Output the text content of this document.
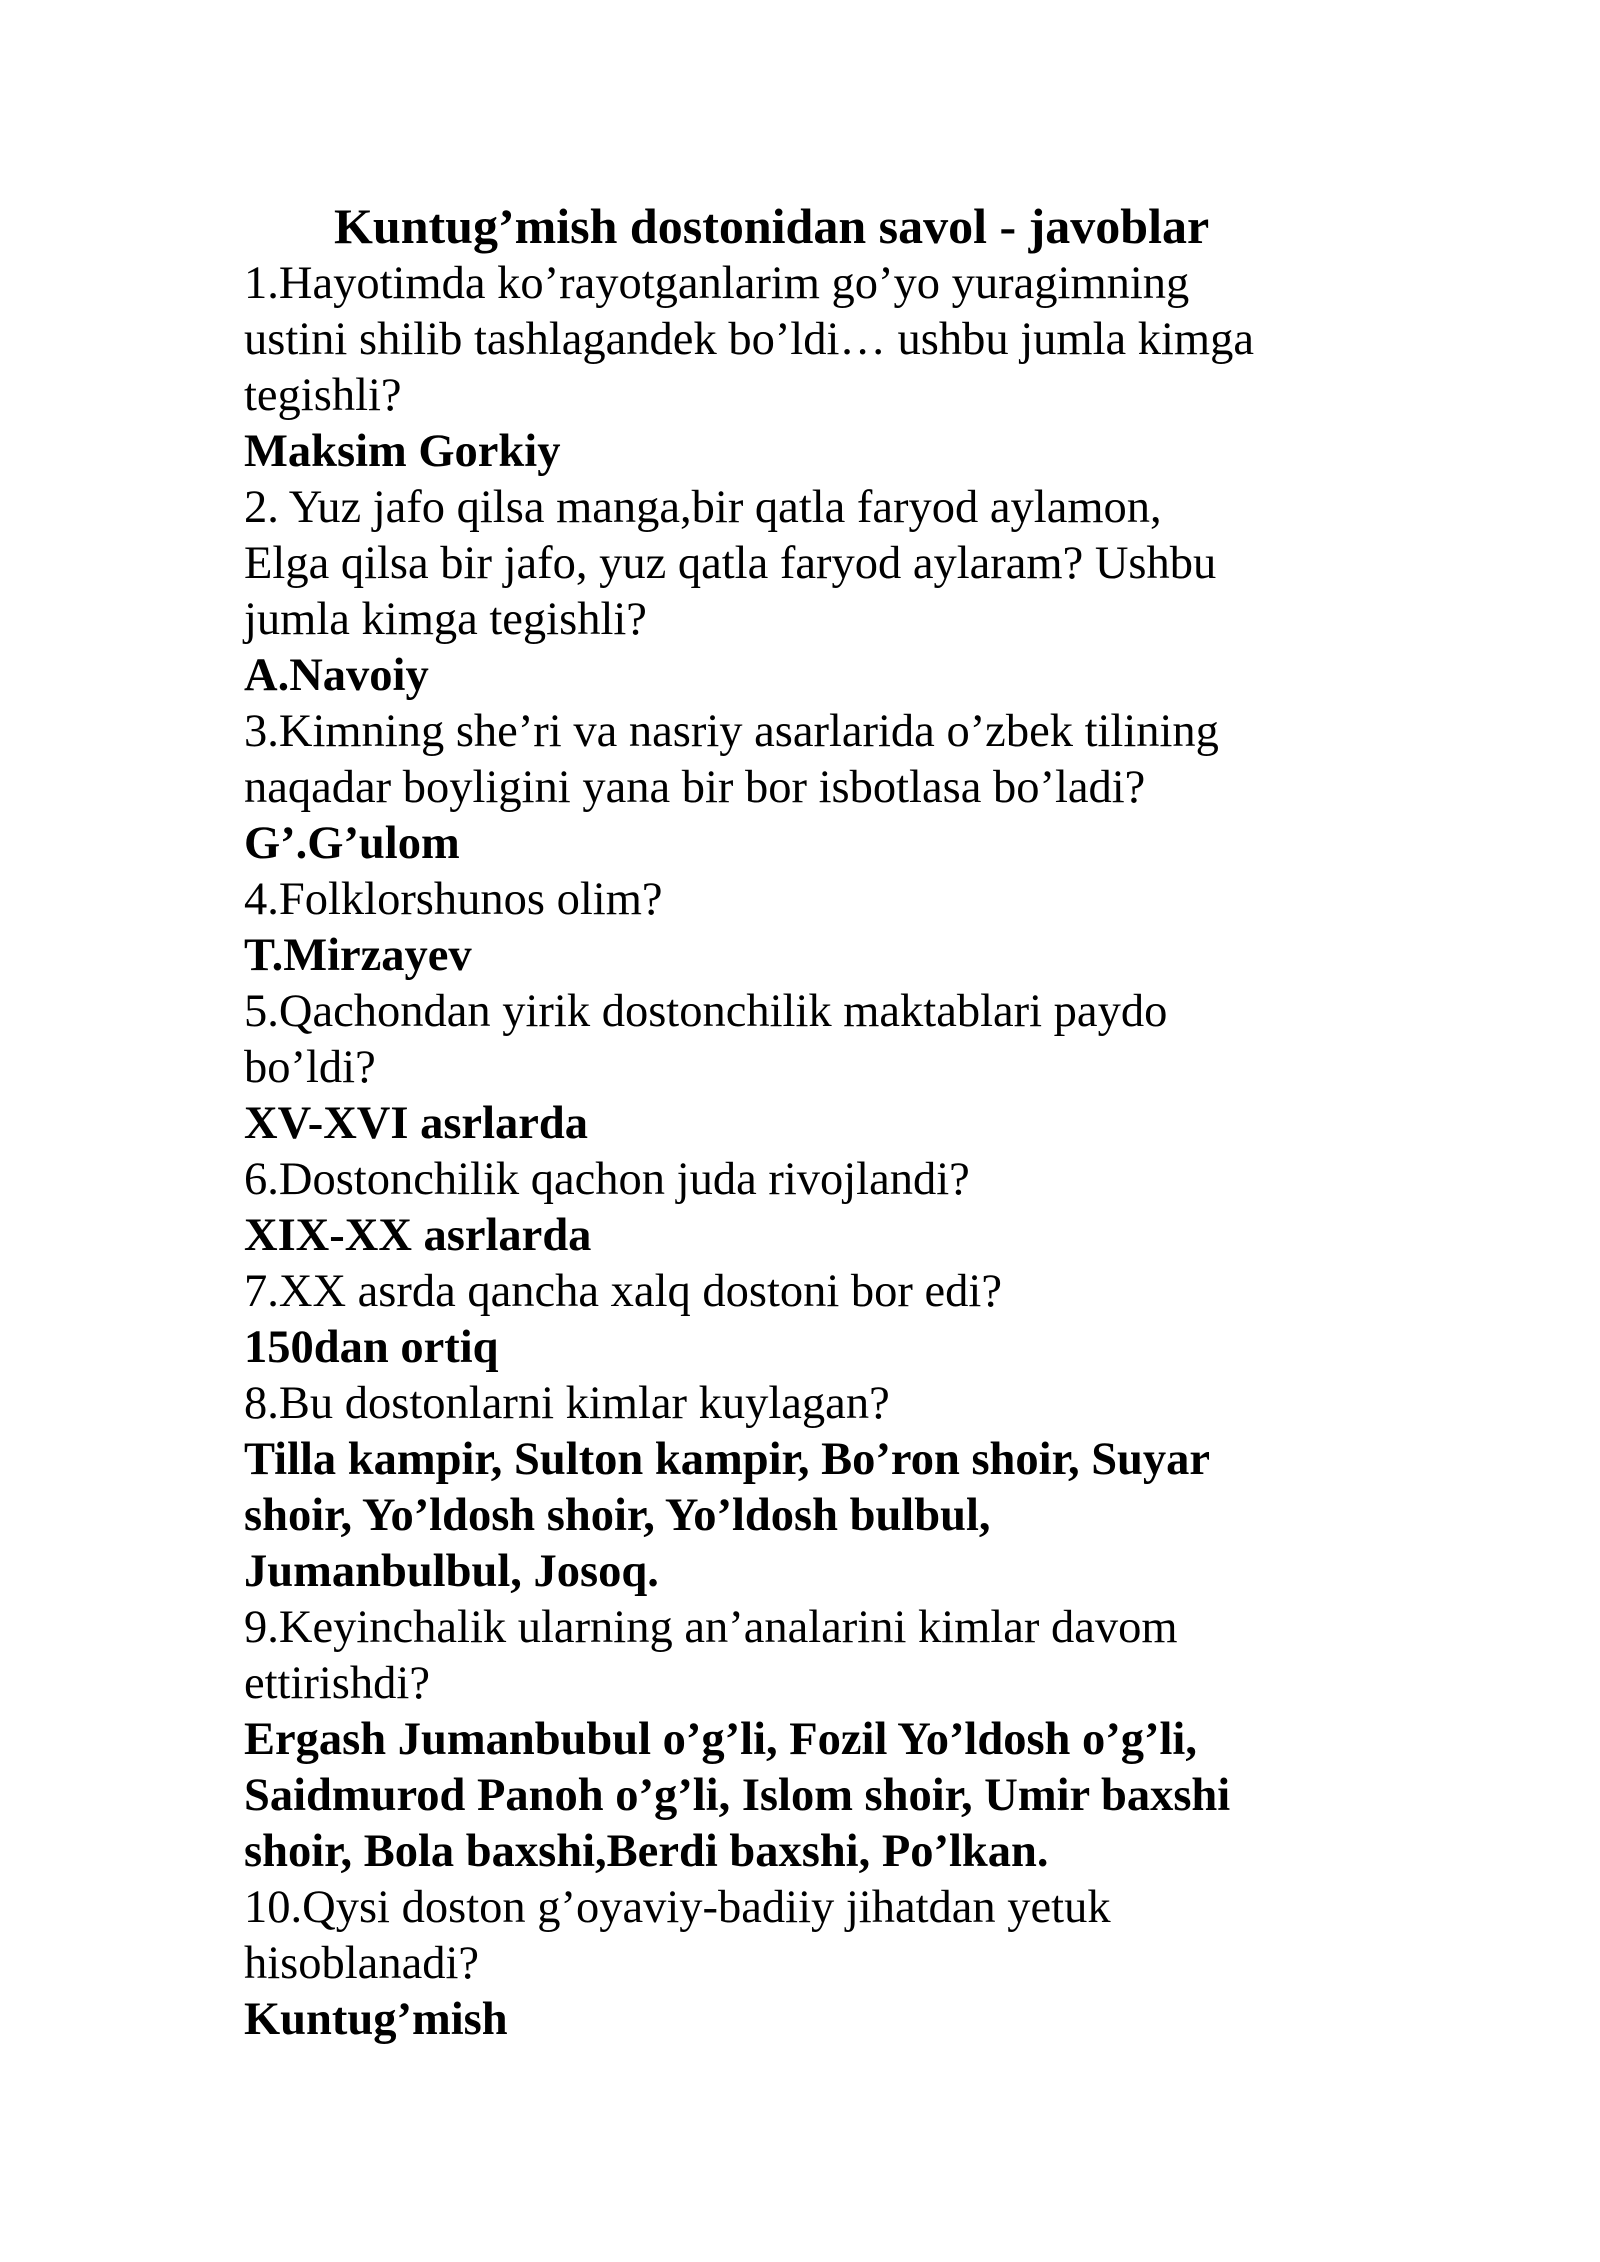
Kuntug’mish dostonidan savol - javoblar
1.Hayotimda ko’rayotganlarim go’yo yuragimning
ustini shilib tashlagandek bo’ldi… ushbu jumla kimga
tegishli?
Maksim Gorkiy
2. Yuz jafo qilsa manga,bir qatla faryod aylamon,
Elga qilsa bir jafo, yuz qatla faryod aylaram? Ushbu
jumla kimga tegishli?
A.Navoiy
3.Kimning she’ri va nasriy asarlarida o’zbek tilining
naqadar boyligini yana bir bor isbotlasa bo’ladi?
G’.G’ulom
4.Folklorshunos olim?
T.Mirzayev
5.Qachondan yirik dostonchilik maktablari paydo
bo’ldi?
XV-XVI asrlarda
6.Dostonchilik qachon juda rivojlandi?
XIX-XX asrlarda
7.XX asrda qancha xalq dostoni bor edi?
150dan ortiq
8.Bu dostonlarni kimlar kuylagan?
Tilla kampir, Sulton kampir, Bo’ron shoir, Suyar
shoir, Yo’ldosh shoir, Yo’ldosh bulbul,
Jumanbulbul, Josoq.
9.Keyinchalik ularning an’analarini kimlar davom
ettirishdi?
Ergash Jumanbubul o’g’li, Fozil Yo’ldosh o’g’li,
Saidmurod Panoh o’g’li, Islom shoir, Umir baxshi
shoir, Bola baxshi,Berdi baxshi, Po’lkan.
10.Qysi doston g’oyaviy-badiiy jihatdan yetuk
hisoblanadi?
Kuntug’mish
